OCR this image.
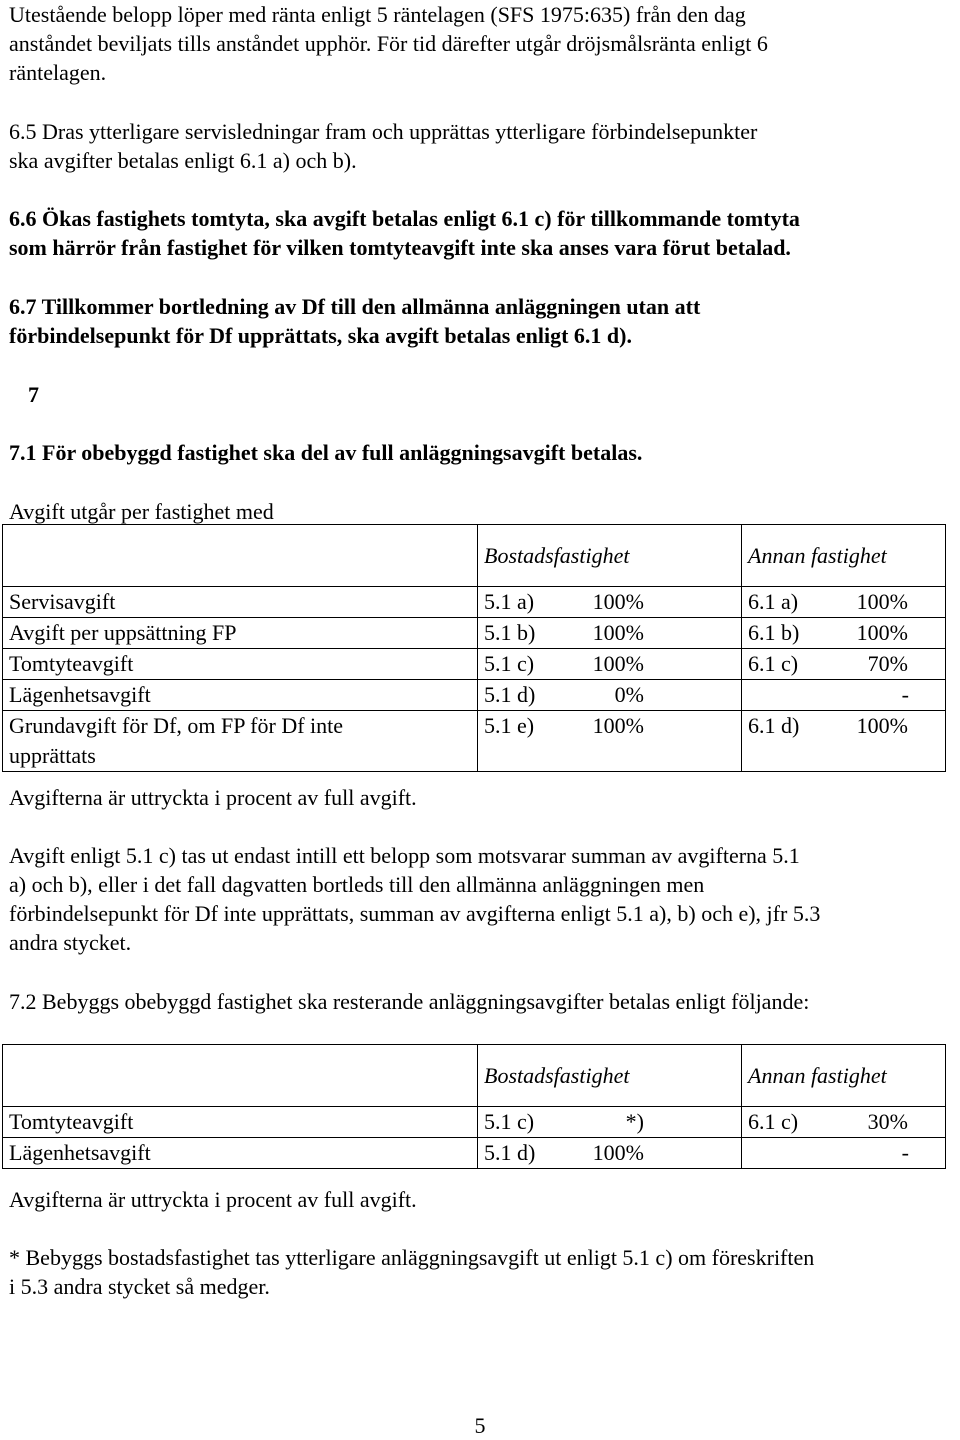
Utestående belopp löper med ränta enligt 5 räntelagen (SFS 1975:635) från den dag
anståndet beviljats tills anståndet upphör. För tid därefter utgår dröjsmålsränta enligt 6
räntelagen.
6.5 Dras ytterligare servisledningar fram och upprättas ytterligare förbindelsepunkter
ska avgifter betalas enligt 6.1 a) och b).
6.6 Ökas fastighets tomtyta, ska avgift betalas enligt 6.1 c) för tillkommande tomtyta
som härrör från fastighet för vilken tomtyteavgift inte ska anses vara förut betalad.
6.7 Tillkommer bortledning av Df till den allmänna anläggningen utan att
förbindelsepunkt för Df upprättats, ska avgift betalas enligt 6.1 d).
7
7.1 För obebyggd fastighet ska del av full anläggningsavgift betalas.
Avgift utgår per fastighet med
	Bostadsfastighet	Annan fastighet
Servisavgift	5.1 a) 100%	6.1 a) 100%
Avgift per uppsättning FP	5.1 b) 100%	6.1 b) 100%
Tomtyteavgift	5.1 c) 100%	6.1 c) 70%
Lägenhetsavgift	5.1 d) 0%	-

Grundavgift för Df, om FP för Df inte upprättats	5.1 e) 100%	6.1 d) 100%
Avgifterna är uttryckta i procent av full avgift.
Avgift enligt 5.1 c) tas ut endast intill ett belopp som motsvarar summan av avgifterna 5.1
a) och b), eller i det fall dagvatten bortleds till den allmänna anläggningen men
förbindelsepunkt för Df inte upprättats, summan av avgifterna enligt 5.1 a), b) och e), jfr 5.3
andra stycket.
7.2 Bebyggs obebyggd fastighet ska resterande anläggningsavgifter betalas enligt följande:
	Bostadsfastighet	Annan fastighet
Tomtyteavgift	5.1 c) *)	6.1 c) 30%
Lägenhetsavgift	5.1 d) 100%	-
Avgifterna är uttryckta i procent av full avgift.
* Bebyggs bostadsfastighet tas ytterligare anläggningsavgift ut enligt 5.1 c) om föreskriften
i 5.3 andra stycket så medger.
5
